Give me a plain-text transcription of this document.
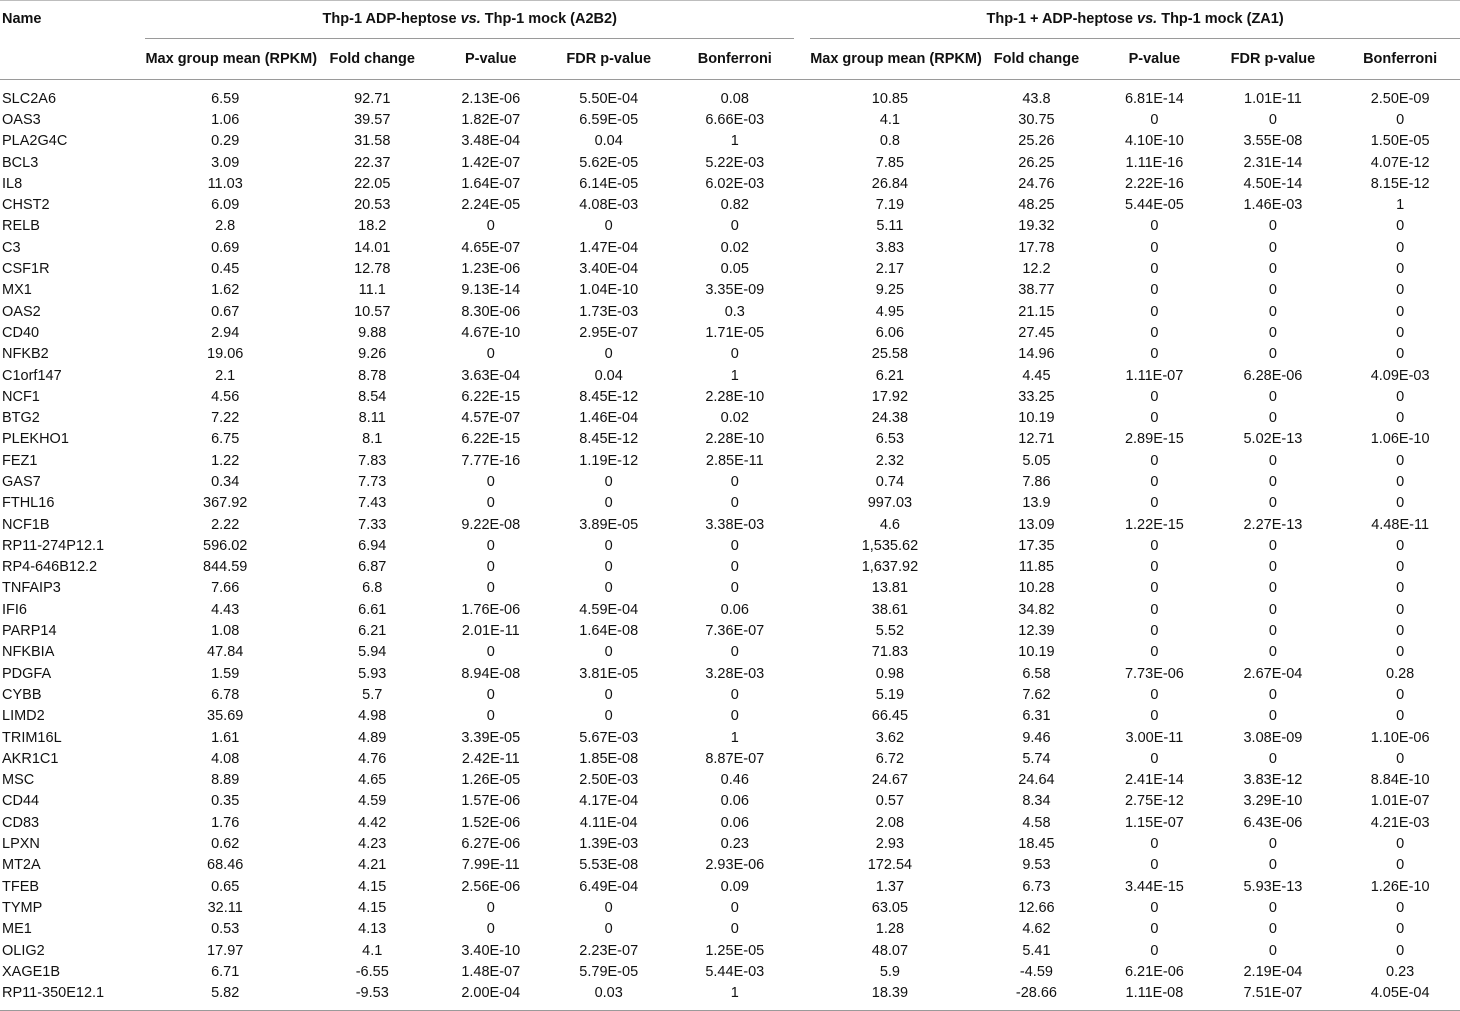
Name	Thp-1 ADP-heptose vs. Thp-1 mock (A2B2)						Thp-1 + ADP-heptose vs. Thp-1 mock (ZA1)				
	Max group mean (RPKM)	Fold change	P-value	FDR p-value	Bonferroni		Max group mean (RPKM)	Fold change	P-value	FDR p-value	Bonferroni
SLC2A6	6.59	92.71	2.13E-06	5.50E-04	0.08		10.85	43.8	6.81E-14	1.01E-11	2.50E-09
OAS3	1.06	39.57	1.82E-07	6.59E-05	6.66E-03		4.1	30.75	0	0	0
PLA2G4C	0.29	31.58	3.48E-04	0.04	1		0.8	25.26	4.10E-10	3.55E-08	1.50E-05
BCL3	3.09	22.37	1.42E-07	5.62E-05	5.22E-03		7.85	26.25	1.11E-16	2.31E-14	4.07E-12
IL8	11.03	22.05	1.64E-07	6.14E-05	6.02E-03		26.84	24.76	2.22E-16	4.50E-14	8.15E-12
CHST2	6.09	20.53	2.24E-05	4.08E-03	0.82		7.19	48.25	5.44E-05	1.46E-03	1
RELB	2.8	18.2	0	0	0		5.11	19.32	0	0	0
C3	0.69	14.01	4.65E-07	1.47E-04	0.02		3.83	17.78	0	0	0
CSF1R	0.45	12.78	1.23E-06	3.40E-04	0.05		2.17	12.2	0	0	0
MX1	1.62	11.1	9.13E-14	1.04E-10	3.35E-09		9.25	38.77	0	0	0
OAS2	0.67	10.57	8.30E-06	1.73E-03	0.3		4.95	21.15	0	0	0
CD40	2.94	9.88	4.67E-10	2.95E-07	1.71E-05		6.06	27.45	0	0	0
NFKB2	19.06	9.26	0	0	0		25.58	14.96	0	0	0
C1orf147	2.1	8.78	3.63E-04	0.04	1		6.21	4.45	1.11E-07	6.28E-06	4.09E-03
NCF1	4.56	8.54	6.22E-15	8.45E-12	2.28E-10		17.92	33.25	0	0	0
BTG2	7.22	8.11	4.57E-07	1.46E-04	0.02		24.38	10.19	0	0	0
PLEKHO1	6.75	8.1	6.22E-15	8.45E-12	2.28E-10		6.53	12.71	2.89E-15	5.02E-13	1.06E-10
FEZ1	1.22	7.83	7.77E-16	1.19E-12	2.85E-11		2.32	5.05	0	0	0
GAS7	0.34	7.73	0	0	0		0.74	7.86	0	0	0
FTHL16	367.92	7.43	0	0	0		997.03	13.9	0	0	0
NCF1B	2.22	7.33	9.22E-08	3.89E-05	3.38E-03		4.6	13.09	1.22E-15	2.27E-13	4.48E-11
RP11-274P12.1	596.02	6.94	0	0	0		1,535.62	17.35	0	0	0
RP4-646B12.2	844.59	6.87	0	0	0		1,637.92	11.85	0	0	0
TNFAIP3	7.66	6.8	0	0	0		13.81	10.28	0	0	0
IFI6	4.43	6.61	1.76E-06	4.59E-04	0.06		38.61	34.82	0	0	0
PARP14	1.08	6.21	2.01E-11	1.64E-08	7.36E-07		5.52	12.39	0	0	0
NFKBIA	47.84	5.94	0	0	0		71.83	10.19	0	0	0
PDGFA	1.59	5.93	8.94E-08	3.81E-05	3.28E-03		0.98	6.58	7.73E-06	2.67E-04	0.28
CYBB	6.78	5.7	0	0	0		5.19	7.62	0	0	0
LIMD2	35.69	4.98	0	0	0		66.45	6.31	0	0	0
TRIM16L	1.61	4.89	3.39E-05	5.67E-03	1		3.62	9.46	3.00E-11	3.08E-09	1.10E-06
AKR1C1	4.08	4.76	2.42E-11	1.85E-08	8.87E-07		6.72	5.74	0	0	0
MSC	8.89	4.65	1.26E-05	2.50E-03	0.46		24.67	24.64	2.41E-14	3.83E-12	8.84E-10
CD44	0.35	4.59	1.57E-06	4.17E-04	0.06		0.57	8.34	2.75E-12	3.29E-10	1.01E-07
CD83	1.76	4.42	1.52E-06	4.11E-04	0.06		2.08	4.58	1.15E-07	6.43E-06	4.21E-03
LPXN	0.62	4.23	6.27E-06	1.39E-03	0.23		2.93	18.45	0	0	0
MT2A	68.46	4.21	7.99E-11	5.53E-08	2.93E-06		172.54	9.53	0	0	0
TFEB	0.65	4.15	2.56E-06	6.49E-04	0.09		1.37	6.73	3.44E-15	5.93E-13	1.26E-10
TYMP	32.11	4.15	0	0	0		63.05	12.66	0	0	0
ME1	0.53	4.13	0	0	0		1.28	4.62	0	0	0
OLIG2	17.97	4.1	3.40E-10	2.23E-07	1.25E-05		48.07	5.41	0	0	0
XAGE1B	6.71	-6.55	1.48E-07	5.79E-05	5.44E-03		5.9	-4.59	6.21E-06	2.19E-04	0.23
RP11-350E12.1	5.82	-9.53	2.00E-04	0.03	1		18.39	-28.66	1.11E-08	7.51E-07	4.05E-04
